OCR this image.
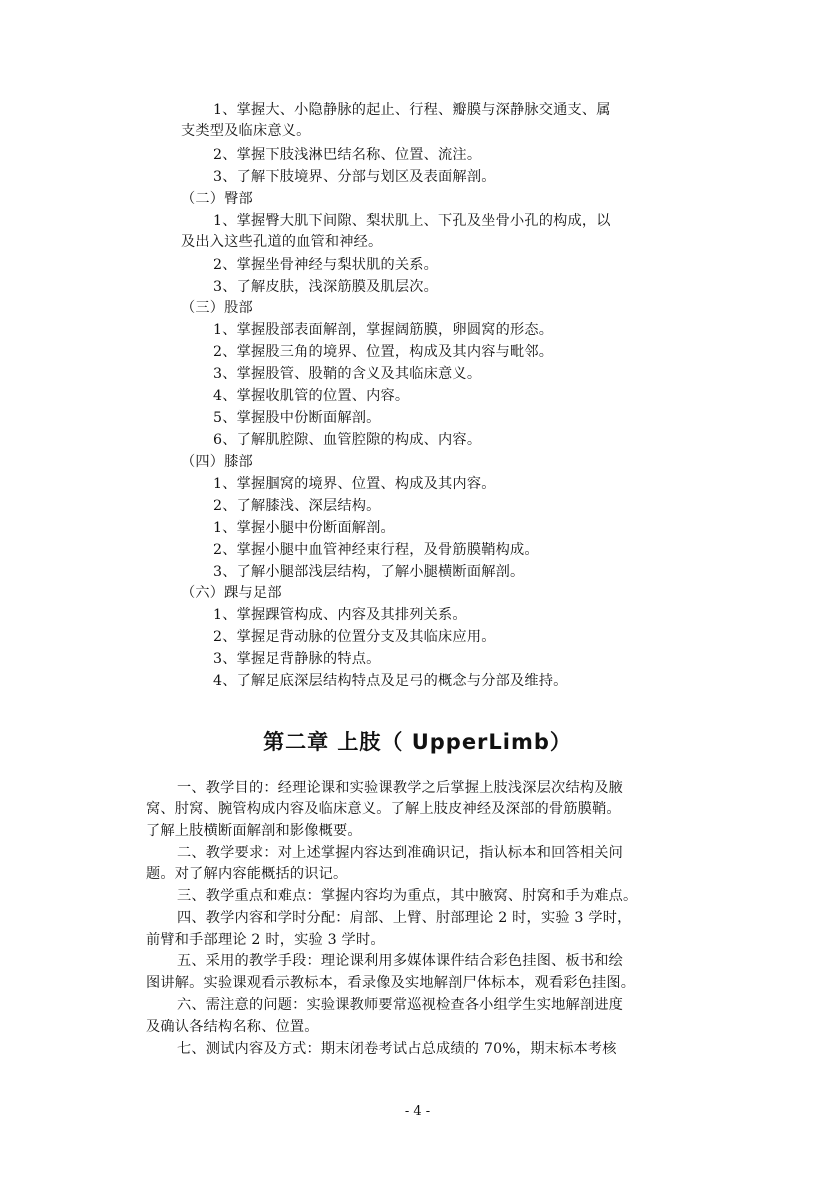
1、掌握大、小隐静脉的起止、行程、瓣膜与深静脉交通支、属
支类型及临床意义。
2、掌握下肢浅淋巴结名称、位置、流注。
3、了解下肢境界、分部与划区及表面解剖。
（二）臀部
1、掌握臀大肌下间隙、梨状肌上、下孔及坐骨小孔的构成，以
及出入这些孔道的血管和神经。
2、掌握坐骨神经与梨状肌的关系。
3、了解皮肤，浅深筋膜及肌层次。
（三）股部
1、掌握股部表面解剖，掌握阔筋膜，卵圆窝的形态。
2、掌握股三角的境界、位置，构成及其内容与毗邻。
3、掌握股管、股鞘的含义及其临床意义。
4、掌握收肌管的位置、内容。
5、掌握股中份断面解剖。
6、了解肌腔隙、血管腔隙的构成、内容。
（四）膝部
1、掌握腘窝的境界、位置、构成及其内容。
2、了解膝浅、深层结构。
1、掌握小腿中份断面解剖。
2、掌握小腿中血管神经束行程，及骨筋膜鞘构成。
3、了解小腿部浅层结构，了解小腿横断面解剖。
（六）踝与足部
1、掌握踝管构成、内容及其排列关系。
2、掌握足背动脉的位置分支及其临床应用。
3、掌握足背静脉的特点。
4、了解足底深层结构特点及足弓的概念与分部及维持。
第二章 上肢（ UpperLimb）
一、教学目的：经理论课和实验课教学之后掌握上肢浅深层次结构及腋
窝、肘窝、腕管构成内容及临床意义。了解上肢皮神经及深部的骨筋膜鞘。
了解上肢横断面解剖和影像概要。
二、教学要求：对上述掌握内容达到准确识记，指认标本和回答相关问
题。对了解内容能概括的识记。
三、教学重点和难点：掌握内容均为重点，其中腋窝、肘窝和手为难点。
四、教学内容和学时分配：肩部、上臂、肘部理论 2 时，实验 3 学时，
前臂和手部理论 2 时，实验 3 学时。
五、采用的教学手段：理论课利用多媒体课件结合彩色挂图、板书和绘
图讲解。实验课观看示教标本，看录像及实地解剖尸体标本，观看彩色挂图。
六、需注意的问题：实验课教师要常巡视检查各小组学生实地解剖进度
及确认各结构名称、位置。
七、测试内容及方式：期末闭卷考试占总成绩的 70%，期末标本考核
- 4 -
